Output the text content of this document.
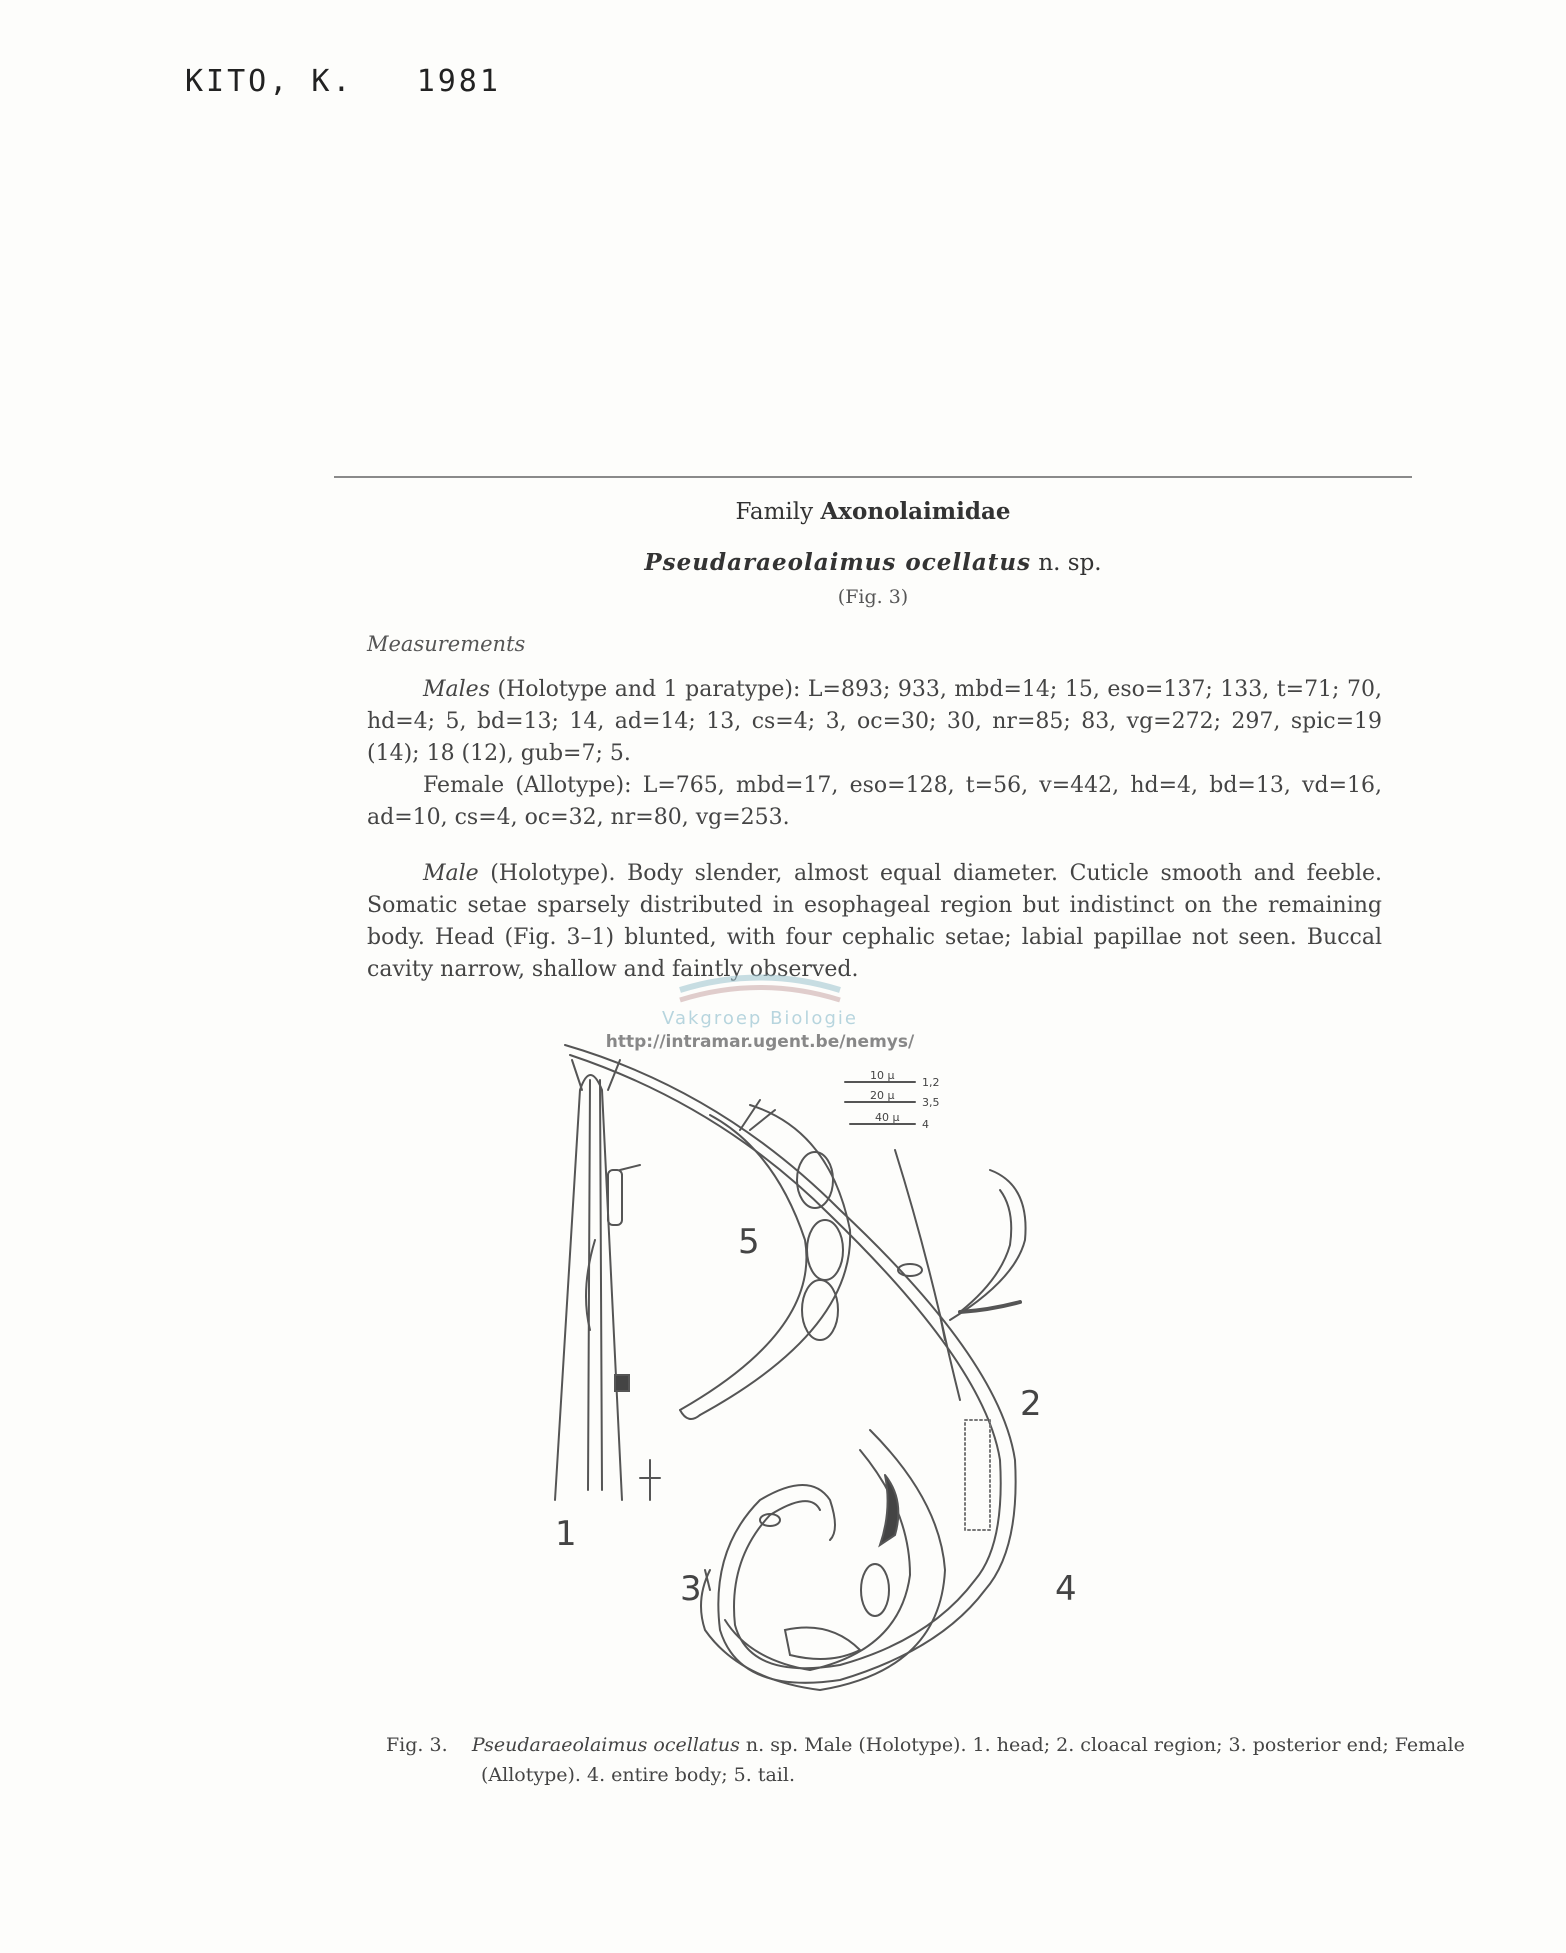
KITO, K. 1981
Family Axonolaimidae
Pseudaraeolaimus ocellatus n. sp.
(Fig. 3)
Measurements
Males (Holotype and 1 paratype): L=893; 933, mbd=14; 15, eso=137; 133, t=71; 70, hd=4; 5, bd=13; 14, ad=14; 13, cs=4; 3, oc=30; 30, nr=85; 83, vg=272; 297, spic=19 (14); 18 (12), gub=7; 5.
Female (Allotype): L=765, mbd=17, eso=128, t=56, v=442, hd=4, bd=13, vd=16, ad=10, cs=4, oc=32, nr=80, vg=253.
Male (Holotype). Body slender, almost equal diameter. Cuticle smooth and feeble. Somatic setae sparsely distributed in esophageal region but indistinct on the remaining body. Head (Fig. 3–1) blunted, with four cephalic setae; labial papillae not seen. Buccal cavity narrow, shallow and faintly observed.
Vakgroep Biologie
http://intramar.ugent.be/nemys/
1
2
3	4
5
10 µ
20 µ
40 µ
1,2
3,5
4
Fig. 3. Pseudaraeolaimus ocellatus n. sp. Male (Holotype). 1. head; 2. cloacal region; 3. posterior end; Female (Allotype). 4. entire body; 5. tail.
